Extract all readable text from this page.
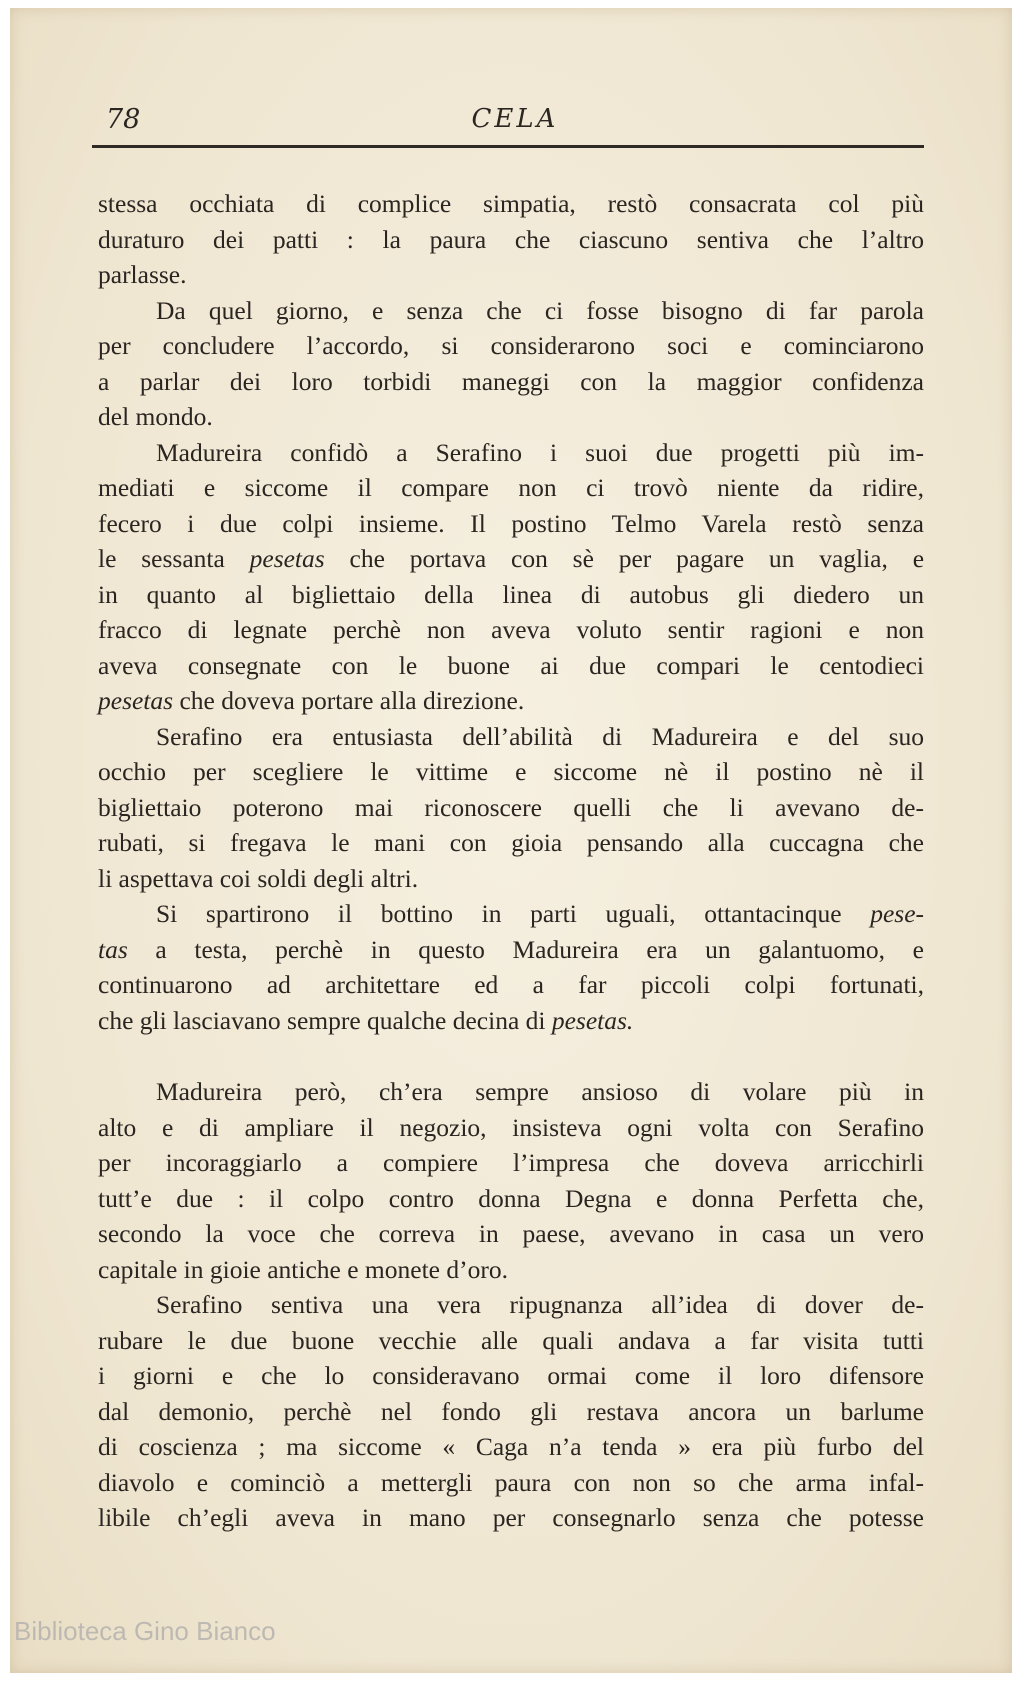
78	CELA
stessa occhiata di complice simpatia, restò consacrata col più
duraturo dei patti : la paura che ciascuno sentiva che l’altro
parlasse.
Da quel giorno, e senza che ci fosse bisogno di far parola
per concludere l’accordo, si considerarono soci e cominciarono
a parlar dei loro torbidi maneggi con la maggior confidenza
del mondo.
Madureira confidò a Serafino i suoi due progetti più im-
mediati e siccome il compare non ci trovò niente da ridire,
fecero i due colpi insieme. Il postino Telmo Varela restò senza
le sessanta pesetas che portava con sè per pagare un vaglia, e
in quanto al bigliettaio della linea di autobus gli diedero un
fracco di legnate perchè non aveva voluto sentir ragioni e non
aveva consegnate con le buone ai due compari le centodieci
pesetas che doveva portare alla direzione.
Serafino era entusiasta dell’abilità di Madureira e del suo
occhio per scegliere le vittime e siccome nè il postino nè il
bigliettaio poterono mai riconoscere quelli che li avevano de-
rubati, si fregava le mani con gioia pensando alla cuccagna che
li aspettava coi soldi degli altri.
Si spartirono il bottino in parti uguali, ottantacinque pese-
tas a testa, perchè in questo Madureira era un galantuomo, e
continuarono ad architettare ed a far piccoli colpi fortunati,
che gli lasciavano sempre qualche decina di pesetas.
Madureira però, ch’era sempre ansioso di volare più in
alto e di ampliare il negozio, insisteva ogni volta con Serafino
per incoraggiarlo a compiere l’impresa che doveva arricchirli
tutt’e due : il colpo contro donna Degna e donna Perfetta che,
secondo la voce che correva in paese, avevano in casa un vero
capitale in gioie antiche e monete d’oro.
Serafino sentiva una vera ripugnanza all’idea di dover de-
rubare le due buone vecchie alle quali andava a far visita tutti
i giorni e che lo consideravano ormai come il loro difensore
dal demonio, perchè nel fondo gli restava ancora un barlume
di coscienza ; ma siccome « Caga n’a tenda » era più furbo del
diavolo e cominciò a mettergli paura con non so che arma infal-
libile ch’egli aveva in mano per consegnarlo senza che potesse
Biblioteca Gino Bianco
